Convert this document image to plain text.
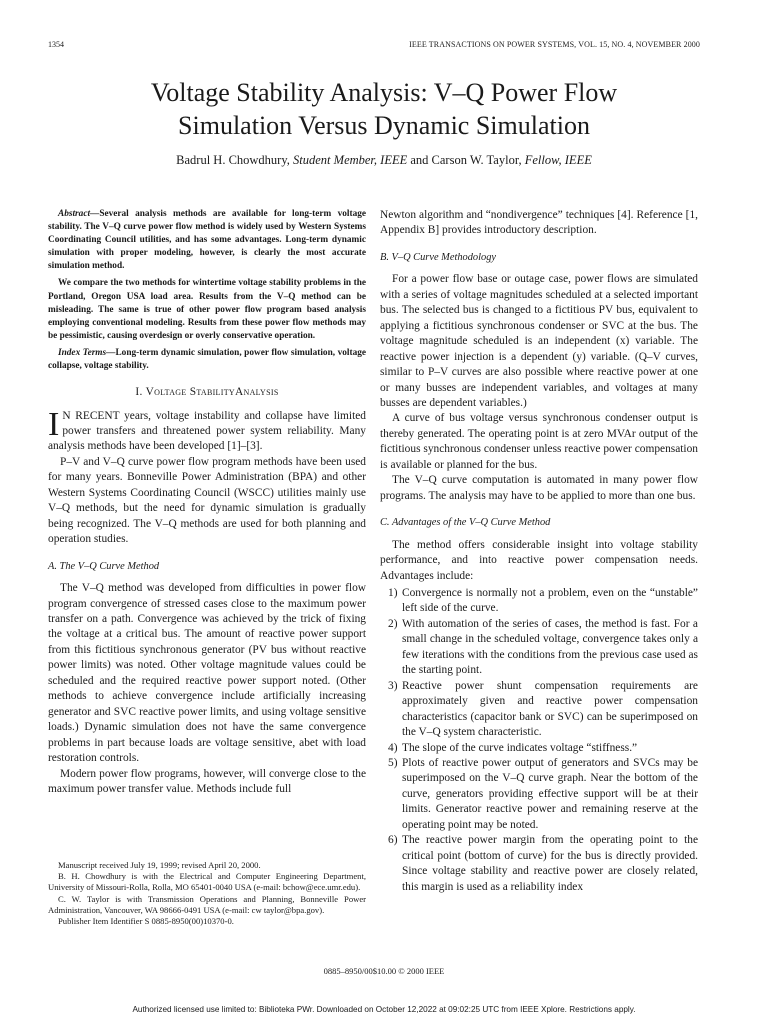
1354	IEEE TRANSACTIONS ON POWER SYSTEMS, VOL. 15, NO. 4, NOVEMBER 2000
Voltage Stability Analysis: V–Q Power Flow
Simulation Versus Dynamic Simulation
Badrul H. Chowdhury, Student Member, IEEE and Carson W. Taylor, Fellow, IEEE

Abstract—Several analysis methods are available for long-term voltage stability. The V–Q curve power flow method is widely used by Western Systems Coordinating Council utilities, and has some advantages. Long-term dynamic simulation with proper modeling, however, is clearly the most accurate simulation method.

We compare the two methods for wintertime voltage stability problems in the Portland, Oregon USA load area. Results from the V–Q method can be misleading. The same is true of other power flow program based analysis employing conventional modeling. Results from these power flow methods may be pessimistic, causing overdesign or overly conservative operation.

Index Terms—Long-term dynamic simulation, power flow simulation, voltage collapse, voltage stability.

I. Voltage StabilityAnalysis

I N RECENT years, voltage instability and collapse have limited power transfers and threatened power system reliability. Many analysis methods have been developed [1]–[3].

P–V and V–Q curve power flow program methods have been used for many years. Bonneville Power Administration (BPA) and other Western Systems Coordinating Council (WSCC) utilities mainly use V–Q methods, but the need for dynamic simulation is gradually being recognized. The V–Q methods are used for both planning and operation studies.

A. The V–Q Curve Method

The V–Q method was developed from difficulties in power flow program convergence of stressed cases close to the maximum power transfer on a path. Convergence was achieved by the trick of fixing the voltage at a critical bus. The amount of reactive power support from this fictitious synchronous generator (PV bus without reactive power limits) was noted. Other voltage magnitude values could be scheduled and the required reactive power support noted. (Other methods to achieve convergence include artificially increasing generator and SVC reactive power limits, and using voltage sensitive loads.) Dynamic simulation does not have the same convergence problems in part because loads are voltage sensitive, abet with load restoration controls.

Modern power flow programs, however, will converge close to the maximum power transfer value. Methods include full

Newton algorithm and “nondivergence” techniques [4]. Reference [1, Appendix B] provides introductory description.

B. V–Q Curve Methodology

For a power flow base or outage case, power flows are simulated with a series of voltage magnitudes scheduled at a selected important bus. The selected bus is changed to a fictitious PV bus, equivalent to applying a fictitious synchronous condenser or SVC at the bus. The voltage magnitude scheduled is an independent (x) variable. The reactive power injection is a dependent (y) variable. (Q–V curves, similar to P–V curves are also possible where reactive power at one or many busses are independent variables, and voltages at many busses are dependent variables.)

A curve of bus voltage versus synchronous condenser output is thereby generated. The operating point is at zero MVAr output of the fictitious synchronous condenser unless reactive power compensation is available or planned for the bus.

The V–Q curve computation is automated in many power flow programs. The analysis may have to be applied to more than one bus.

C. Advantages of the V–Q Curve Method

The method offers considerable insight into voltage stability performance, and into reactive power compensation needs. Advantages include:

1) Convergence is normally not a problem, even on the “unstable” left side of the curve.
2) With automation of the series of cases, the method is fast. For a small change in the scheduled voltage, convergence takes only a few iterations with the conditions from the previous case used as the starting point.
3) Reactive power shunt compensation requirements are approximately given and reactive power compensation characteristics (capacitor bank or SVC) can be superimposed on the V–Q system characteristic.
4) The slope of the curve indicates voltage “stiffness.”
5) Plots of reactive power output of generators and SVCs may be superimposed on the V–Q curve graph. Near the bottom of the curve, generators providing effective support will be at their limits. Generator reactive power and remaining reserve at the operating point may be noted.
6) The reactive power margin from the operating point to the critical point (bottom of curve) for the bus is directly provided. Since voltage stability and reactive power are closely related, this margin is used as a reliability index

Manuscript received July 19, 1999; revised April 20, 2000.

B. H. Chowdhury is with the Electrical and Computer Engineering Department, University of Missouri-Rolla, Rolla, MO 65401-0040 USA (e-mail: bchow@ece.umr.edu).

C. W. Taylor is with Transmission Operations and Planning, Bonneville Power Administration, Vancouver, WA 98666-0491 USA (e-mail: cw taylor@bpa.gov).

Publisher Item Identifier S 0885-8950(00)10370-0.

0885–8950/00$10.00 © 2000 IEEE
Authorized licensed use limited to: Biblioteka PWr. Downloaded on October 12,2022 at 09:02:25 UTC from IEEE Xplore. Restrictions apply.
